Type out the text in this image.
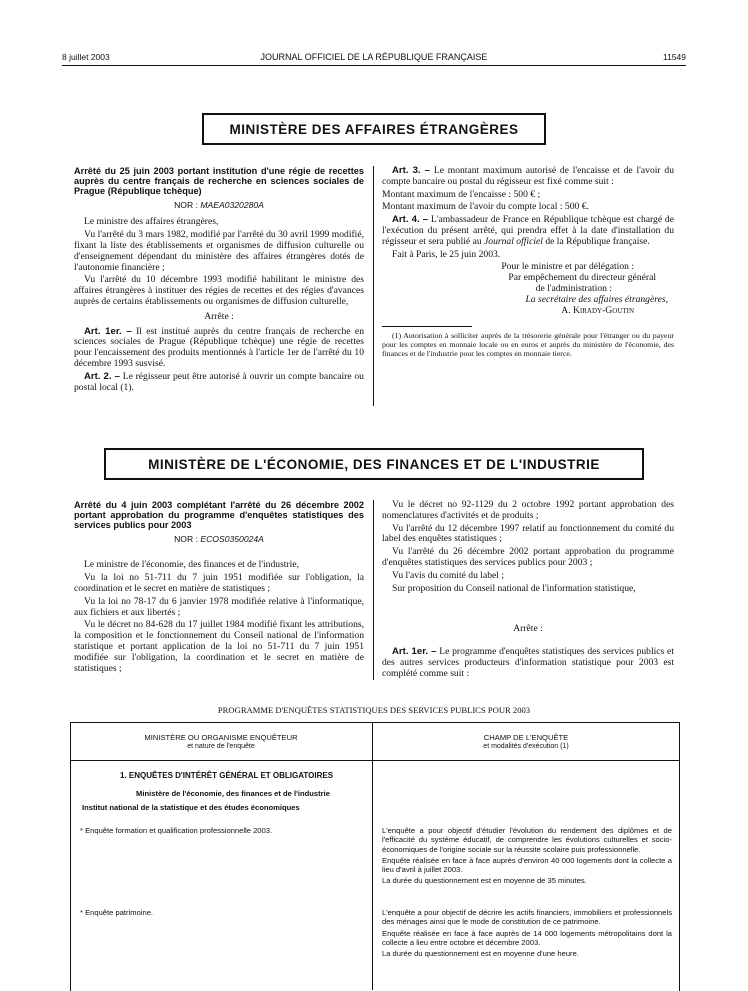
8 juillet 2003	JOURNAL OFFICIEL DE LA RÉPUBLIQUE FRANÇAISE	11549
MINISTÈRE DES AFFAIRES ÉTRANGÈRES
Arrêté du 25 juin 2003 portant institution d'une régie de recettes auprès du centre français de recherche en sciences sociales de Prague (République tchèque)
NOR : MAEA0320280A

Le ministre des affaires étrangères,

Vu l'arrêté du 3 mars 1982, modifié par l'arrêté du 30 avril 1999 modifié, fixant la liste des établissements et organismes de diffusion culturelle ou d'enseignement dépendant du ministère des affaires étrangères dotés de l'autonomie financière ;

Vu l'arrêté du 10 décembre 1993 modifié habilitant le ministre des affaires étrangères à instituer des régies de recettes et des régies d'avances auprès de certains établissements ou organismes de diffusion culturelle,

Arrête :

Art. 1er. – Il est institué auprès du centre français de recherche en sciences sociales de Prague (République tchèque) une régie de recettes pour l'encaissement des produits mentionnés à l'article 1er de l'arrêté du 10 décembre 1993 susvisé.

Art. 2. – Le régisseur peut être autorisé à ouvrir un compte bancaire ou postal local (1).

Art. 3. – Le montant maximum autorisé de l'encaisse et de l'avoir du compte bancaire ou postal du régisseur est fixé comme suit :

Montant maximum de l'encaisse : 500 € ;

Montant maximum de l'avoir du compte local : 500 €.

Art. 4. – L'ambassadeur de France en République tchèque est chargé de l'exécution du présent arrêté, qui prendra effet à la date d'installation du régisseur et sera publié au Journal officiel de la République française.

Fait à Paris, le 25 juin 2003.

Pour le ministre et par délégation :

Par empêchement du directeur général

de l'administration :

La secrétaire des affaires étrangères,

A. Kirady-Goutin

(1) Autorisation à solliciter auprès de la trésorerie générale pour l'étranger ou du payeur pour les comptes en monnaie locale ou en euros et auprès du ministère de l'économie, des finances et de l'industrie pour les comptes en monnaie tierce.

MINISTÈRE DE L'ÉCONOMIE, DES FINANCES ET DE L'INDUSTRIE
Arrêté du 4 juin 2003 complétant l'arrêté du 26 décembre 2002 portant approbation du programme d'enquêtes statistiques des services publics pour 2003
NOR : ECOS0350024A

Le ministre de l'économie, des finances et de l'industrie,

Vu la loi no 51-711 du 7 juin 1951 modifiée sur l'obligation, la coordination et le secret en matière de statistiques ;

Vu la loi no 78-17 du 6 janvier 1978 modifiée relative à l'informatique, aux fichiers et aux libertés ;

Vu le décret no 84-628 du 17 juillet 1984 modifié fixant les attributions, la composition et le fonctionnement du Conseil national de l'information statistique et portant application de la loi no 51-711 du 7 juin 1951 modifiée sur l'obligation, la coordination et le secret en matière de statistiques ;

Vu le décret no 92-1129 du 2 octobre 1992 portant approbation des nomenclatures d'activités et de produits ;

Vu l'arrêté du 12 décembre 1997 relatif au fonctionnement du comité du label des enquêtes statistiques ;

Vu l'arrêté du 26 décembre 2002 portant approbation du programme d'enquêtes statistiques des services publics pour 2003 ;

Vu l'avis du comité du label ;

Sur proposition du Conseil national de l'information statistique,

Arrête :

Art. 1er. – Le programme d'enquêtes statistiques des services publics et des autres services producteurs d'information statistique pour 2003 est complété comme suit :

PROGRAMME D'ENQUÊTES STATISTIQUES DES SERVICES PUBLICS POUR 2003
MINISTÈRE OU ORGANISME ENQUÊTEUR
et nature de l'enquête
CHAMP DE L'ENQUÊTE
et modalités d'exécution (1)
1. ENQUÊTES D'INTÉRÊT GÉNÉRAL ET OBLIGATOIRES
Ministère de l'économie, des finances et de l'industrie
Institut national de la statistique et des études économiques
* Enquête formation et qualification professionnelle 2003.	L'enquête a pour objectif d'étudier l'évolution du rendement des diplômes et de l'efficacité du système éducatif, de comprendre les évolutions culturelles et socio-économiques de l'origine sociale sur la réussite scolaire puis professionnelle.
Enquête réalisée en face à face auprès d'environ 40 000 logements dont la collecte a lieu d'avril à juillet 2003.
La durée du questionnement est en moyenne de 35 minutes.
* Enquête patrimoine.	L'enquête a pour objectif de décrire les actifs financiers, immobiliers et professionnels des ménages ainsi que le mode de constitution de ce patrimoine.
Enquête réalisée en face à face auprès de 14 000 logements métropolitains dont la collecte a lieu entre octobre et décembre 2003.
La durée du questionnement est en moyenne d'une heure.
